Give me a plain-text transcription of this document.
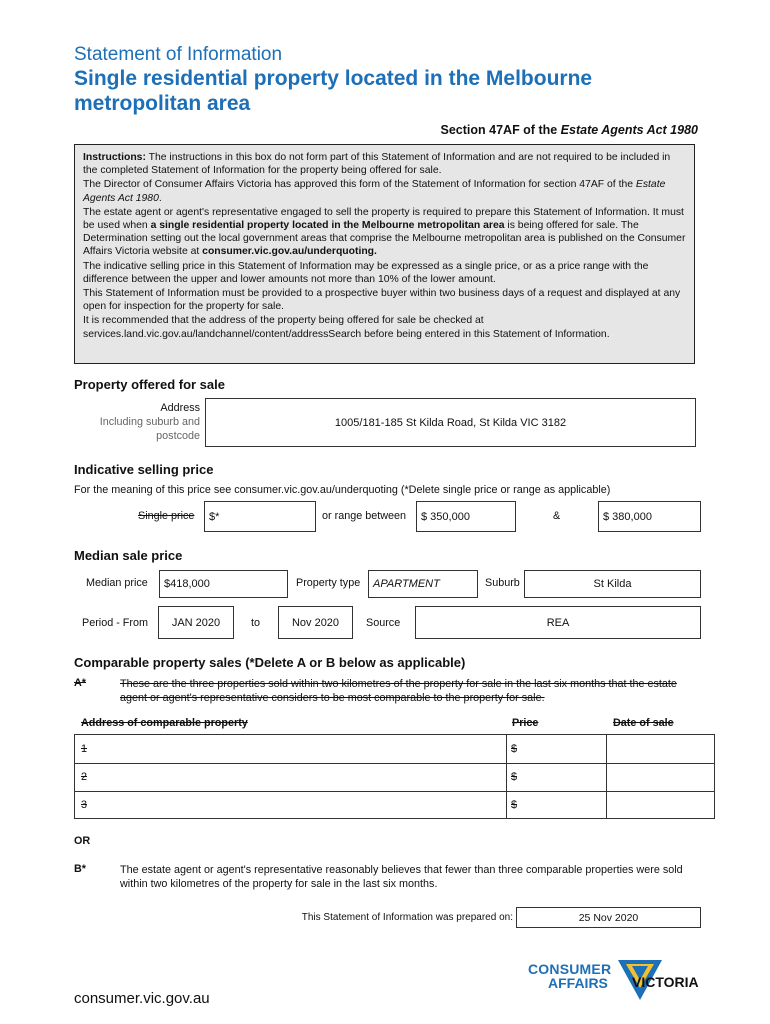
Statement of Information
Single residential property located in the Melbourne metropolitan area
Section 47AF of the Estate Agents Act 1980

Instructions: The instructions in this box do not form part of this Statement of Information and are not required to be included in the completed Statement of Information for the property being offered for sale.

The Director of Consumer Affairs Victoria has approved this form of the Statement of Information for section 47AF of the Estate Agents Act 1980.

The estate agent or agent's representative engaged to sell the property is required to prepare this Statement of Information. It must be used when a single residential property located in the Melbourne metropolitan area is being offered for sale. The Determination setting out the local government areas that comprise the Melbourne metropolitan area is published on the Consumer Affairs Victoria website at consumer.vic.gov.au/underquoting.

The indicative selling price in this Statement of Information may be expressed as a single price, or as a price range with the difference between the upper and lower amounts not more than 10% of the lower amount.

This Statement of Information must be provided to a prospective buyer within two business days of a request and displayed at any open for inspection for the property for sale.

It is recommended that the address of the property being offered for sale be checked at services.land.vic.gov.au/landchannel/content/addressSearch before being entered in this Statement of Information.

Property offered for sale
Address
Including suburb and
postcode
1005/181-185 St Kilda Road, St Kilda VIC 3182
Indicative selling price
For the meaning of this price see consumer.vic.gov.au/underquoting (*Delete single price or range as applicable)
Single price $*	or range between $ 350,000	&	$ 380,000
Median sale price
Median price $418,000	Property type APARTMENT	Suburb	St Kilda
Period - From JAN 2020	to	Nov 2020 Source	REA
Comparable property sales (*Delete A or B below as applicable)
A*	These are the three properties sold within two kilometres of the property for sale in the last six months that the estate agent or agent's representative considers to be most comparable to the property for sale.
Address of comparable property	Price	Date of sale
1	$
2	$
3	$
OR
B*	The estate agent or agent's representative reasonably believes that fewer than three comparable properties were sold within two kilometres of the property for sale in the last six months.
This Statement of Information was prepared on:	25 Nov 2020
consumer.vic.gov.au
CONSUMER
AFFAIRS VICTORIA
